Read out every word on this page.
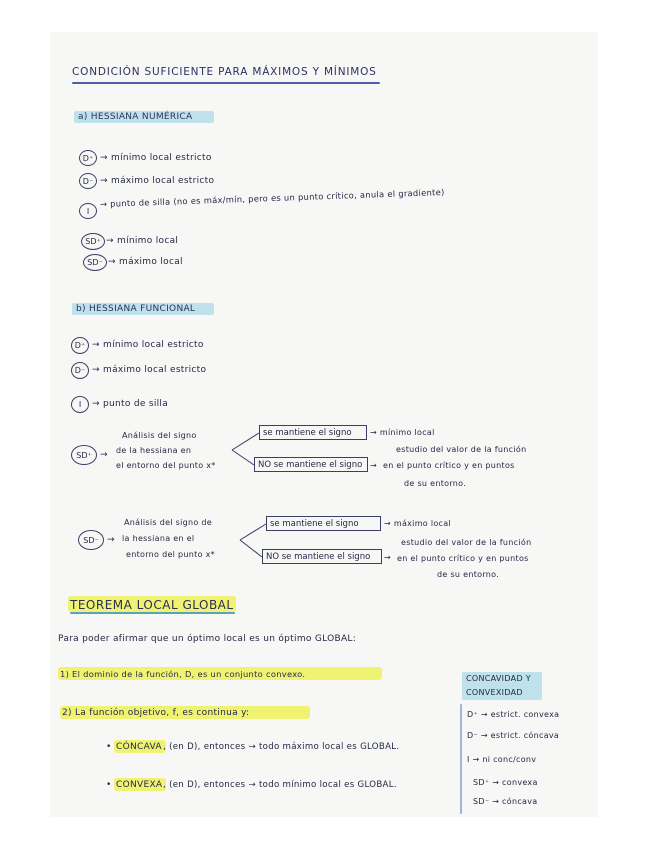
CONDICIÓN SUFICIENTE PARA MÁXIMOS Y MÍNIMOS
a) HESSIANA NUMÉRICA
D⁺ → mínimo local estricto
D⁻ → máximo local estricto
I
→ punto de silla (no es máx/mín, pero es un punto crítico, anula el gradiente)
SD⁺ → mínimo local
SD⁻ → máximo local
b) HESSIANA FUNCIONAL
D⁺ → mínimo local estricto
D⁻ → máximo local estricto
I	→ punto de silla
SD⁺ →
Análisis del signo
de la hessiana en
el entorno del punto x*
se mantiene el signo	→ mínimo local
NO se mantiene el signo →
estudio del valor de la función
en el punto crítico y en puntos
de su entorno.
SD⁻ →
Análisis del signo de
la hessiana en el
entorno del punto x*
se mantiene el signo	→ máximo local
NO se mantiene el signo	→
estudio del valor de la función
en el punto crítico y en puntos
de su entorno.
TEOREMA LOCAL GLOBAL
Para poder afirmar que un óptimo local es un óptimo GLOBAL:
1) El dominio de la función, D, es un conjunto convexo.
2) La función objetivo, f, es continua y:
• CÓNCAVA , (en D), entonces → todo máximo local es GLOBAL.
• CONVEXA , (en D), entonces → todo mínimo local es GLOBAL.
CONCAVIDAD Y
CONVEXIDAD
D⁺ → estrict. convexa
D⁻ → estrict. cóncava
I → ni conc/conv
SD⁺ → convexa
SD⁻ → cóncava
